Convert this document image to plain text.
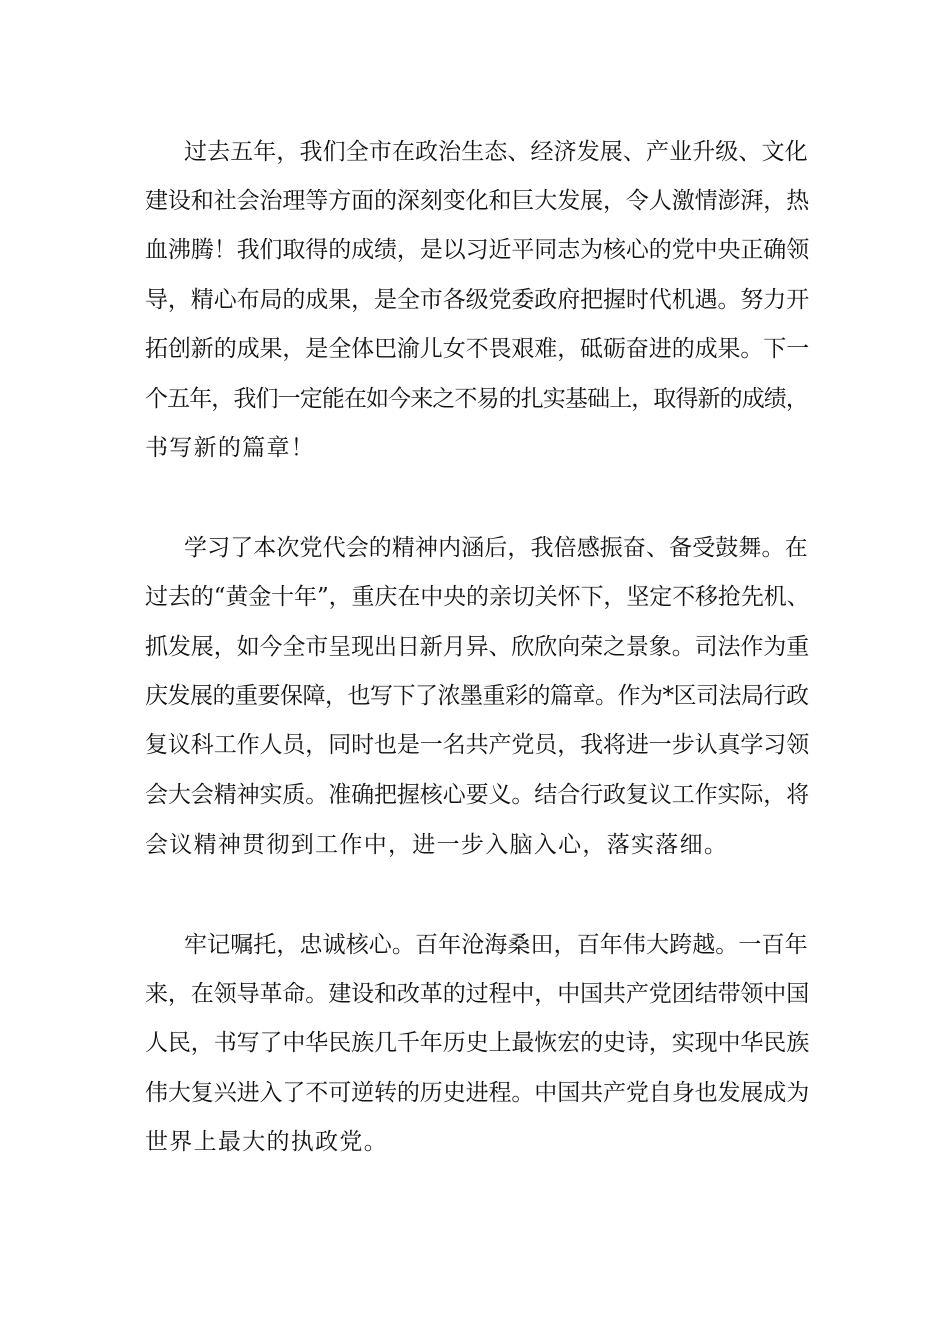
过去五年，我们全市在政治生态、经济发展、产业升级、文化
建设和社会治理等方面的深刻变化和巨大发展，令人激情澎湃，热
血沸腾！我们取得的成绩，是以习近平同志为核心的党中央正确领
导，精心布局的成果，是全市各级党委政府把握时代机遇。努力开
拓创新的成果，是全体巴渝儿女不畏艰难，砥砺奋进的成果。下一
个五年，我们一定能在如今来之不易的扎实基础上，取得新的成绩，
书写新的篇章！
学习了本次党代会的精神内涵后，我倍感振奋、备受鼓舞。在
过去的“黄金十年”，重庆在中央的亲切关怀下，坚定不移抢先机、
抓发展，如今全市呈现出日新月异、欣欣向荣之景象。司法作为重
庆发展的重要保障，也写下了浓墨重彩的篇章。作为*区司法局行政
复议科工作人员，同时也是一名共产党员，我将进一步认真学习领
会大会精神实质。准确把握核心要义。结合行政复议工作实际，将
会议精神贯彻到工作中，进一步入脑入心，落实落细。
牢记嘱托，忠诚核心。百年沧海桑田，百年伟大跨越。一百年
来，在领导革命。建设和改革的过程中，中国共产党团结带领中国
人民，书写了中华民族几千年历史上最恢宏的史诗，实现中华民族
伟大复兴进入了不可逆转的历史进程。中国共产党自身也发展成为
世界上最大的执政党。
